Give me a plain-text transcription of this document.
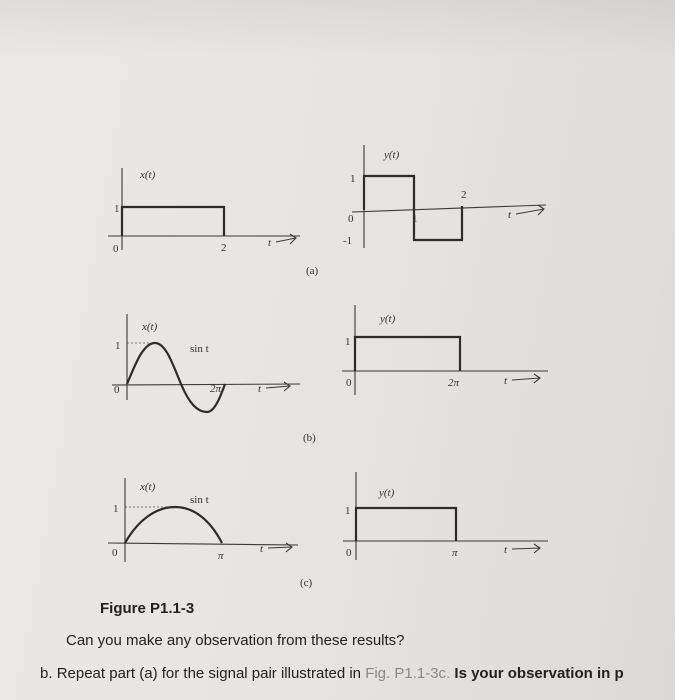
x(t)
1
0	2	t
y(t)
1
0
-1
1
2
t
(a)
x(t)
1
0
sin t
2π	t
y(t)
1
0	2π	t
(b)
x(t)
1
0
sin t
π
t
y(t)
1
0	π	t
(c)
Figure P1.1-3
Can you make any observation from these results?
b. Repeat part (a) for the signal pair illustrated in Fig. P1.1-3c. Is your observation in p
